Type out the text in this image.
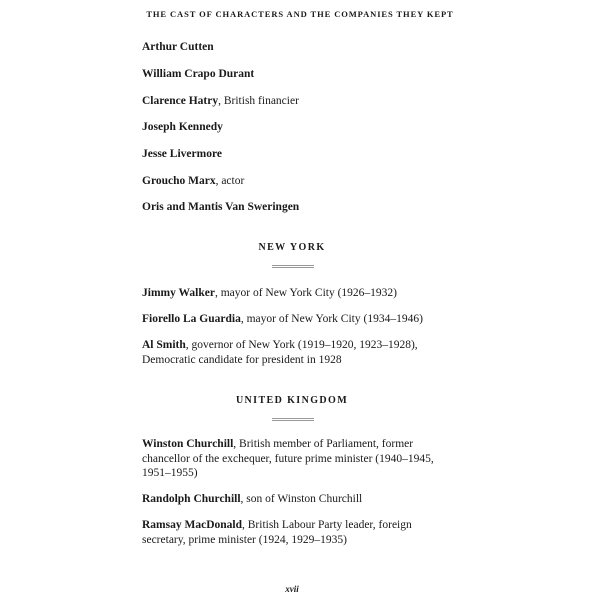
THE CAST OF CHARACTERS AND THE COMPANIES THEY KEPT
Arthur Cutten
William Crapo Durant
Clarence Hatry, British financier
Joseph Kennedy
Jesse Livermore
Groucho Marx, actor
Oris and Mantis Van Sweringen
NEW YORK
Jimmy Walker, mayor of New York City (1926–1932)
Fiorello La Guardia, mayor of New York City (1934–1946)
Al Smith, governor of New York (1919–1920, 1923–1928), Democratic candidate for president in 1928
UNITED KINGDOM
Winston Churchill, British member of Parliament, former chancellor of the exchequer, future prime minister (1940–1945, 1951–1955)
Randolph Churchill, son of Winston Churchill
Ramsay MacDonald, British Labour Party leader, foreign secretary, prime minister (1924, 1929–1935)
xvii
